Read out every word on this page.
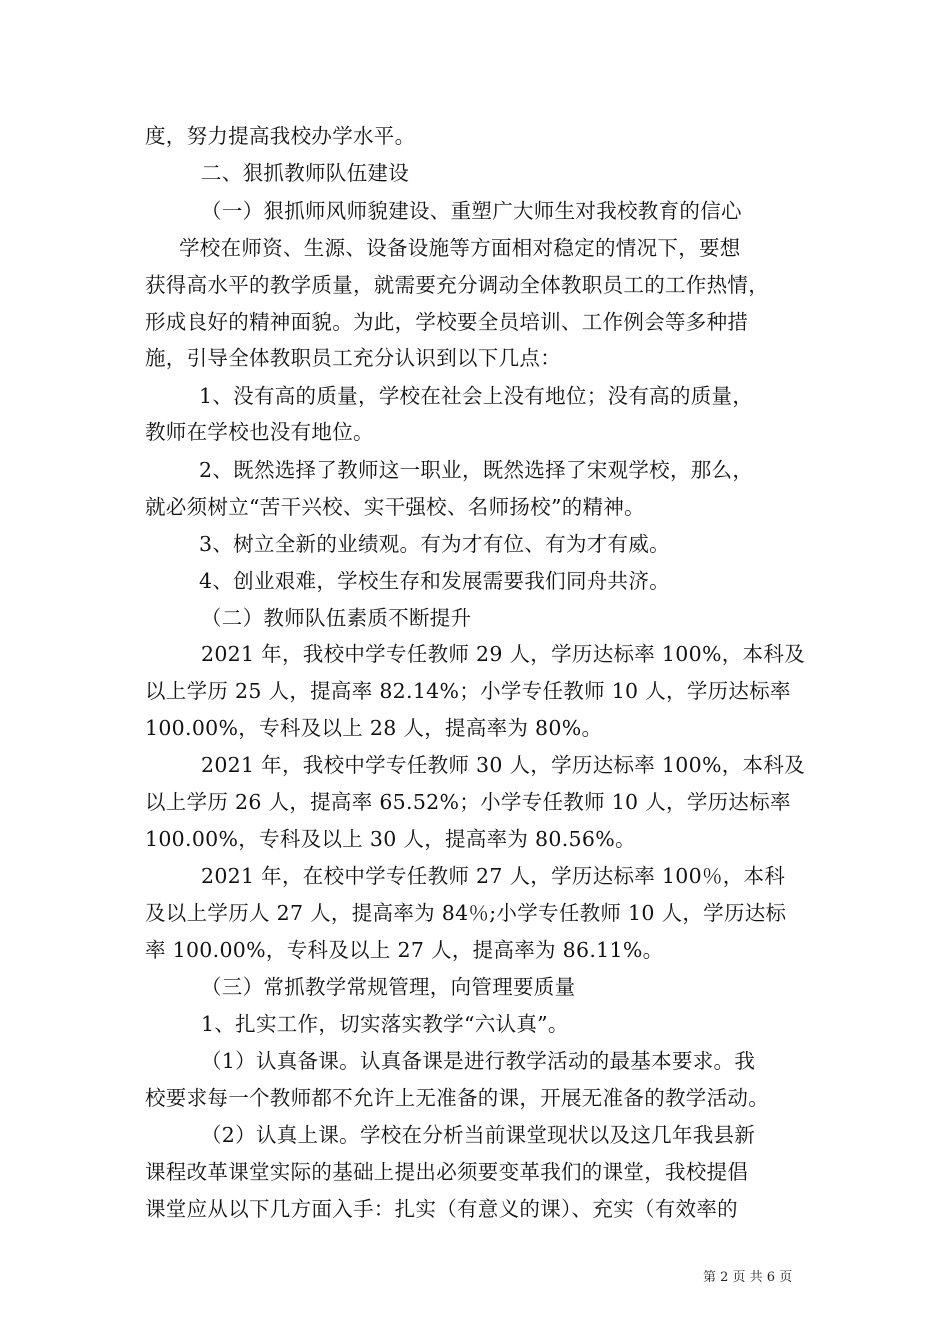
度，努力提高我校办学水平。
二、狠抓教师队伍建设
（一）狠抓师风师貌建设、重塑广大师生对我校教育的信心
学校在师资、生源、设备设施等方面相对稳定的情况下，要想
获得高水平的教学质量，就需要充分调动全体教职员工的工作热情，
形成良好的精神面貌。为此，学校要全员培训、工作例会等多种措
施，引导全体教职员工充分认识到以下几点：
1、没有高的质量，学校在社会上没有地位；没有高的质量，
教师在学校也没有地位。
2、既然选择了教师这一职业，既然选择了宋观学校，那么，
就必须树立“苦干兴校、实干强校、名师扬校”的精神。
3、树立全新的业绩观。有为才有位、有为才有威。
4、创业艰难，学校生存和发展需要我们同舟共济。
（二）教师队伍素质不断提升
2021 年，我校中学专任教师 29 人，学历达标率 100%，本科及
以上学历 25 人，提高率 82.14%；小学专任教师 10 人，学历达标率
100.00%，专科及以上 28 人，提高率为 80%。
2021 年，我校中学专任教师 30 人，学历达标率 100%，本科及
以上学历 26 人，提高率 65.52%；小学专任教师 10 人，学历达标率
100.00%，专科及以上 30 人，提高率为 80.56%。
2021 年，在校中学专任教师 27 人，学历达标率 100％，本科
及以上学历人 27 人，提高率为 84％;小学专任教师 10 人，学历达标
率 100.00%，专科及以上 27 人，提高率为 86.11%。
（三）常抓教学常规管理，向管理要质量
1、扎实工作，切实落实教学“六认真”。
（1）认真备课。认真备课是进行教学活动的最基本要求。我
校要求每一个教师都不允许上无准备的课，开展无准备的教学活动。
（2）认真上课。学校在分析当前课堂现状以及这几年我县新
课程改革课堂实际的基础上提出必须要变革我们的课堂，我校提倡
课堂应从以下几方面入手：扎实（有意义的课）、充实（有效率的
第 2 页 共 6 页
